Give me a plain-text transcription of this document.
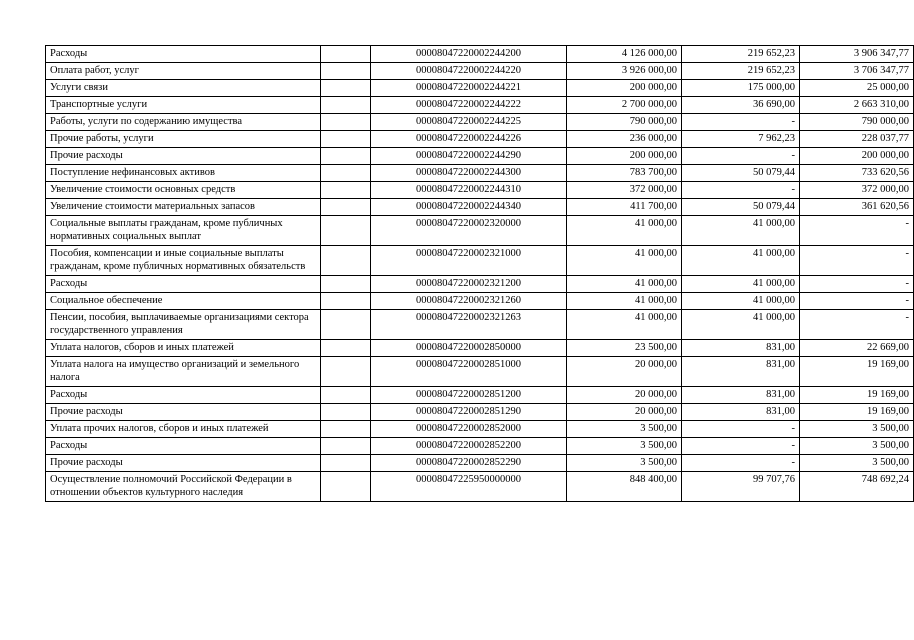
Расходы		00008047220002244200	4 126 000,00	219 652,23	3 906 347,77
Оплата работ, услуг		00008047220002244220	3 926 000,00	219 652,23	3 706 347,77
Услуги связи		00008047220002244221	200 000,00	175 000,00	25 000,00
Транспортные услуги		00008047220002244222	2 700 000,00	36 690,00	2 663 310,00
Работы, услуги по содержанию имущества		00008047220002244225	790 000,00	-	790 000,00
Прочие работы, услуги		00008047220002244226	236 000,00	7 962,23	228 037,77
Прочие расходы		00008047220002244290	200 000,00	-	200 000,00
Поступление нефинансовых активов		00008047220002244300	783 700,00	50 079,44	733 620,56
Увеличение стоимости основных средств		00008047220002244310	372 000,00	-	372 000,00
Увеличение стоимости материальных запасов		00008047220002244340	411 700,00	50 079,44	361 620,56
Социальные выплаты гражданам, кроме публичных нормативных социальных выплат		00008047220002320000	41 000,00	41 000,00	-
Пособия, компенсации и иные социальные выплаты гражданам, кроме публичных нормативных обязательств		00008047220002321000	41 000,00	41 000,00	-
Расходы		00008047220002321200	41 000,00	41 000,00	-
Социальное обеспечение		00008047220002321260	41 000,00	41 000,00	-
Пенсии, пособия, выплачиваемые организациями сектора государственного управления		00008047220002321263	41 000,00	41 000,00	-
Уплата налогов, сборов и иных платежей		00008047220002850000	23 500,00	831,00	22 669,00
Уплата налога на имущество организаций и земельного налога		00008047220002851000	20 000,00	831,00	19 169,00
Расходы		00008047220002851200	20 000,00	831,00	19 169,00
Прочие расходы		00008047220002851290	20 000,00	831,00	19 169,00
Уплата прочих налогов, сборов и иных платежей		00008047220002852000	3 500,00	-	3 500,00
Расходы		00008047220002852200	3 500,00	-	3 500,00
Прочие расходы		00008047220002852290	3 500,00	-	3 500,00
Осуществление полномочий Российской Федерации в отношении объектов культурного наследия		00008047225950000000	848 400,00	99 707,76	748 692,24
